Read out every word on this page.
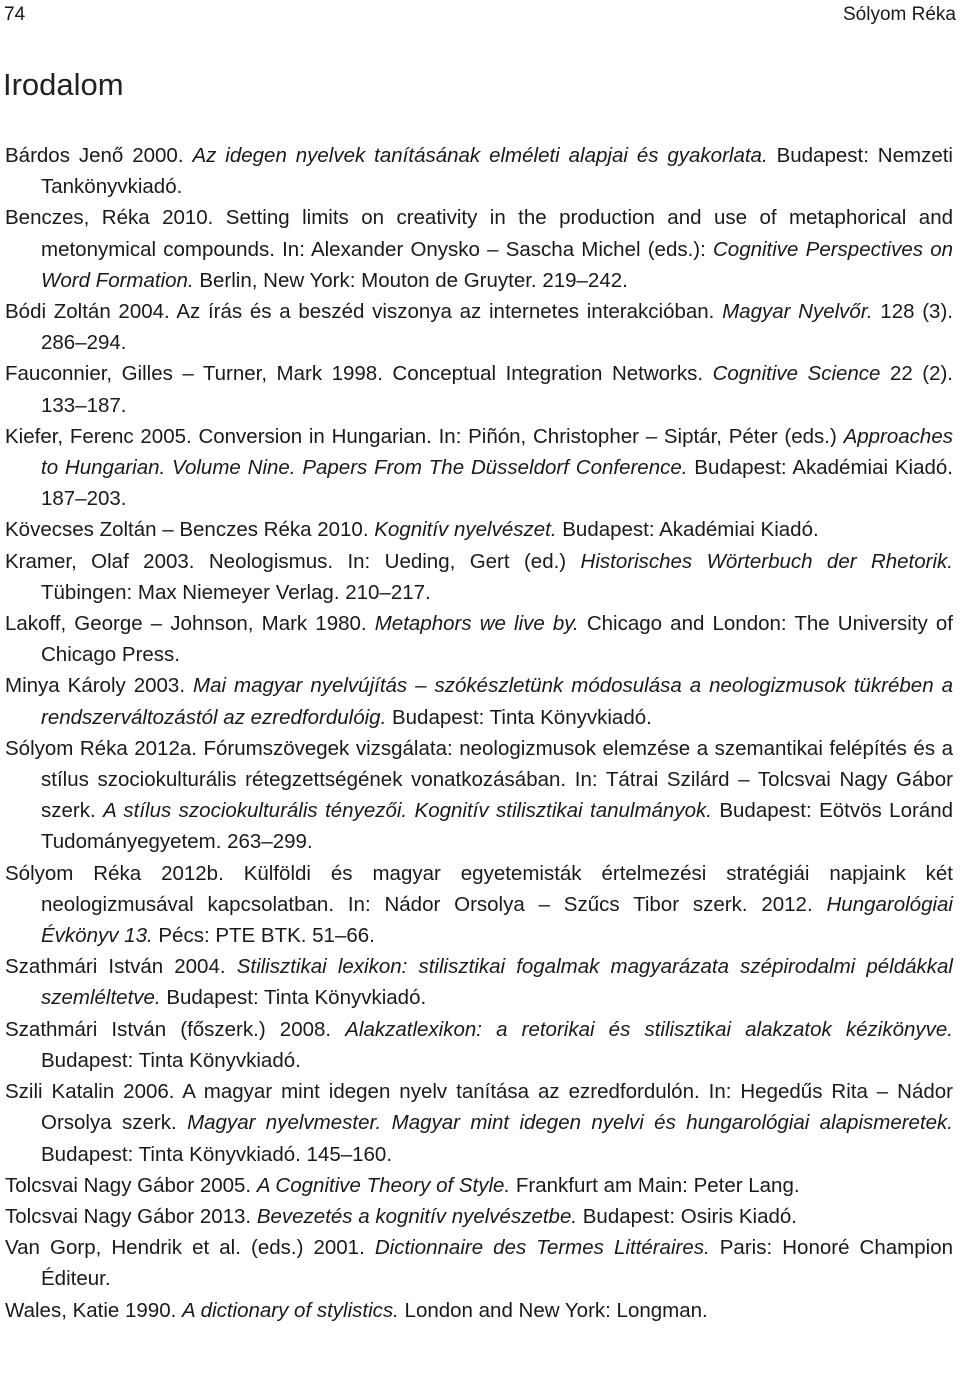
74	Sólyom Réka
Irodalom
Bárdos Jenő 2000. Az idegen nyelvek tanításának elméleti alapjai és gyakorlata. Budapest: Nemzeti Tankönyvkiadó.
Benczes, Réka 2010. Setting limits on creativity in the production and use of metaphorical and metonymical compounds. In: Alexander Onysko – Sascha Michel (eds.): Cognitive Perspectives on Word Formation. Berlin, New York: Mouton de Gruyter. 219–242.
Bódi Zoltán 2004. Az írás és a beszéd viszonya az internetes interakcióban. Magyar Nyelvőr. 128 (3). 286–294.
Fauconnier, Gilles – Turner, Mark 1998. Conceptual Integration Networks. Cognitive Science 22 (2). 133–187.
Kiefer, Ferenc 2005. Conversion in Hungarian. In: Piñón, Christopher – Siptár, Péter (eds.) Approaches to Hungarian. Volume Nine. Papers From The Düsseldorf Conference. Budapest: Akadémiai Kiadó. 187–203.
Kövecses Zoltán – Benczes Réka 2010. Kognitív nyelvészet. Budapest: Akadémiai Kiadó.
Kramer, Olaf 2003. Neologismus. In: Ueding, Gert (ed.) Historisches Wörterbuch der Rhetorik. Tübingen: Max Niemeyer Verlag. 210–217.
Lakoff, George – Johnson, Mark 1980. Metaphors we live by. Chicago and London: The University of Chicago Press.
Minya Károly 2003. Mai magyar nyelvújítás – szókészletünk módosulása a neologizmusok tükrében a rendszerváltozástól az ezredfordulóig. Budapest: Tinta Könyvkiadó.
Sólyom Réka 2012a. Fórumszövegek vizsgálata: neologizmusok elemzése a szemantikai felépítés és a stílus szociokulturális rétegzettségének vonatkozásában. In: Tátrai Szilárd – Tolcsvai Nagy Gábor szerk. A stílus szociokulturális tényezői. Kognitív stilisztikai tanulmányok. Budapest: Eötvös Loránd Tudományegyetem. 263–299.
Sólyom Réka 2012b. Külföldi és magyar egyetemisták értelmezési stratégiái napjaink két neologizmusával kapcsolatban. In: Nádor Orsolya – Szűcs Tibor szerk. 2012. Hungarológiai Évkönyv 13. Pécs: PTE BTK. 51–66.
Szathmári István 2004. Stilisztikai lexikon: stilisztikai fogalmak magyarázata szépirodalmi példákkal szemléltetve. Budapest: Tinta Könyvkiadó.
Szathmári István (főszerk.) 2008. Alakzatlexikon: a retorikai és stilisztikai alakzatok kézikönyve. Budapest: Tinta Könyvkiadó.
Szili Katalin 2006. A magyar mint idegen nyelv tanítása az ezredfordulón. In: Hegedűs Rita – Nádor Orsolya szerk. Magyar nyelvmester. Magyar mint idegen nyelvi és hungarológiai alapismeretek. Budapest: Tinta Könyvkiadó. 145–160.
Tolcsvai Nagy Gábor 2005. A Cognitive Theory of Style. Frankfurt am Main: Peter Lang.
Tolcsvai Nagy Gábor 2013. Bevezetés a kognitív nyelvészetbe. Budapest: Osiris Kiadó.
Van Gorp, Hendrik et al. (eds.) 2001. Dictionnaire des Termes Littéraires. Paris: Honoré Champion Éditeur.
Wales, Katie 1990. A dictionary of stylistics. London and New York: Longman.
